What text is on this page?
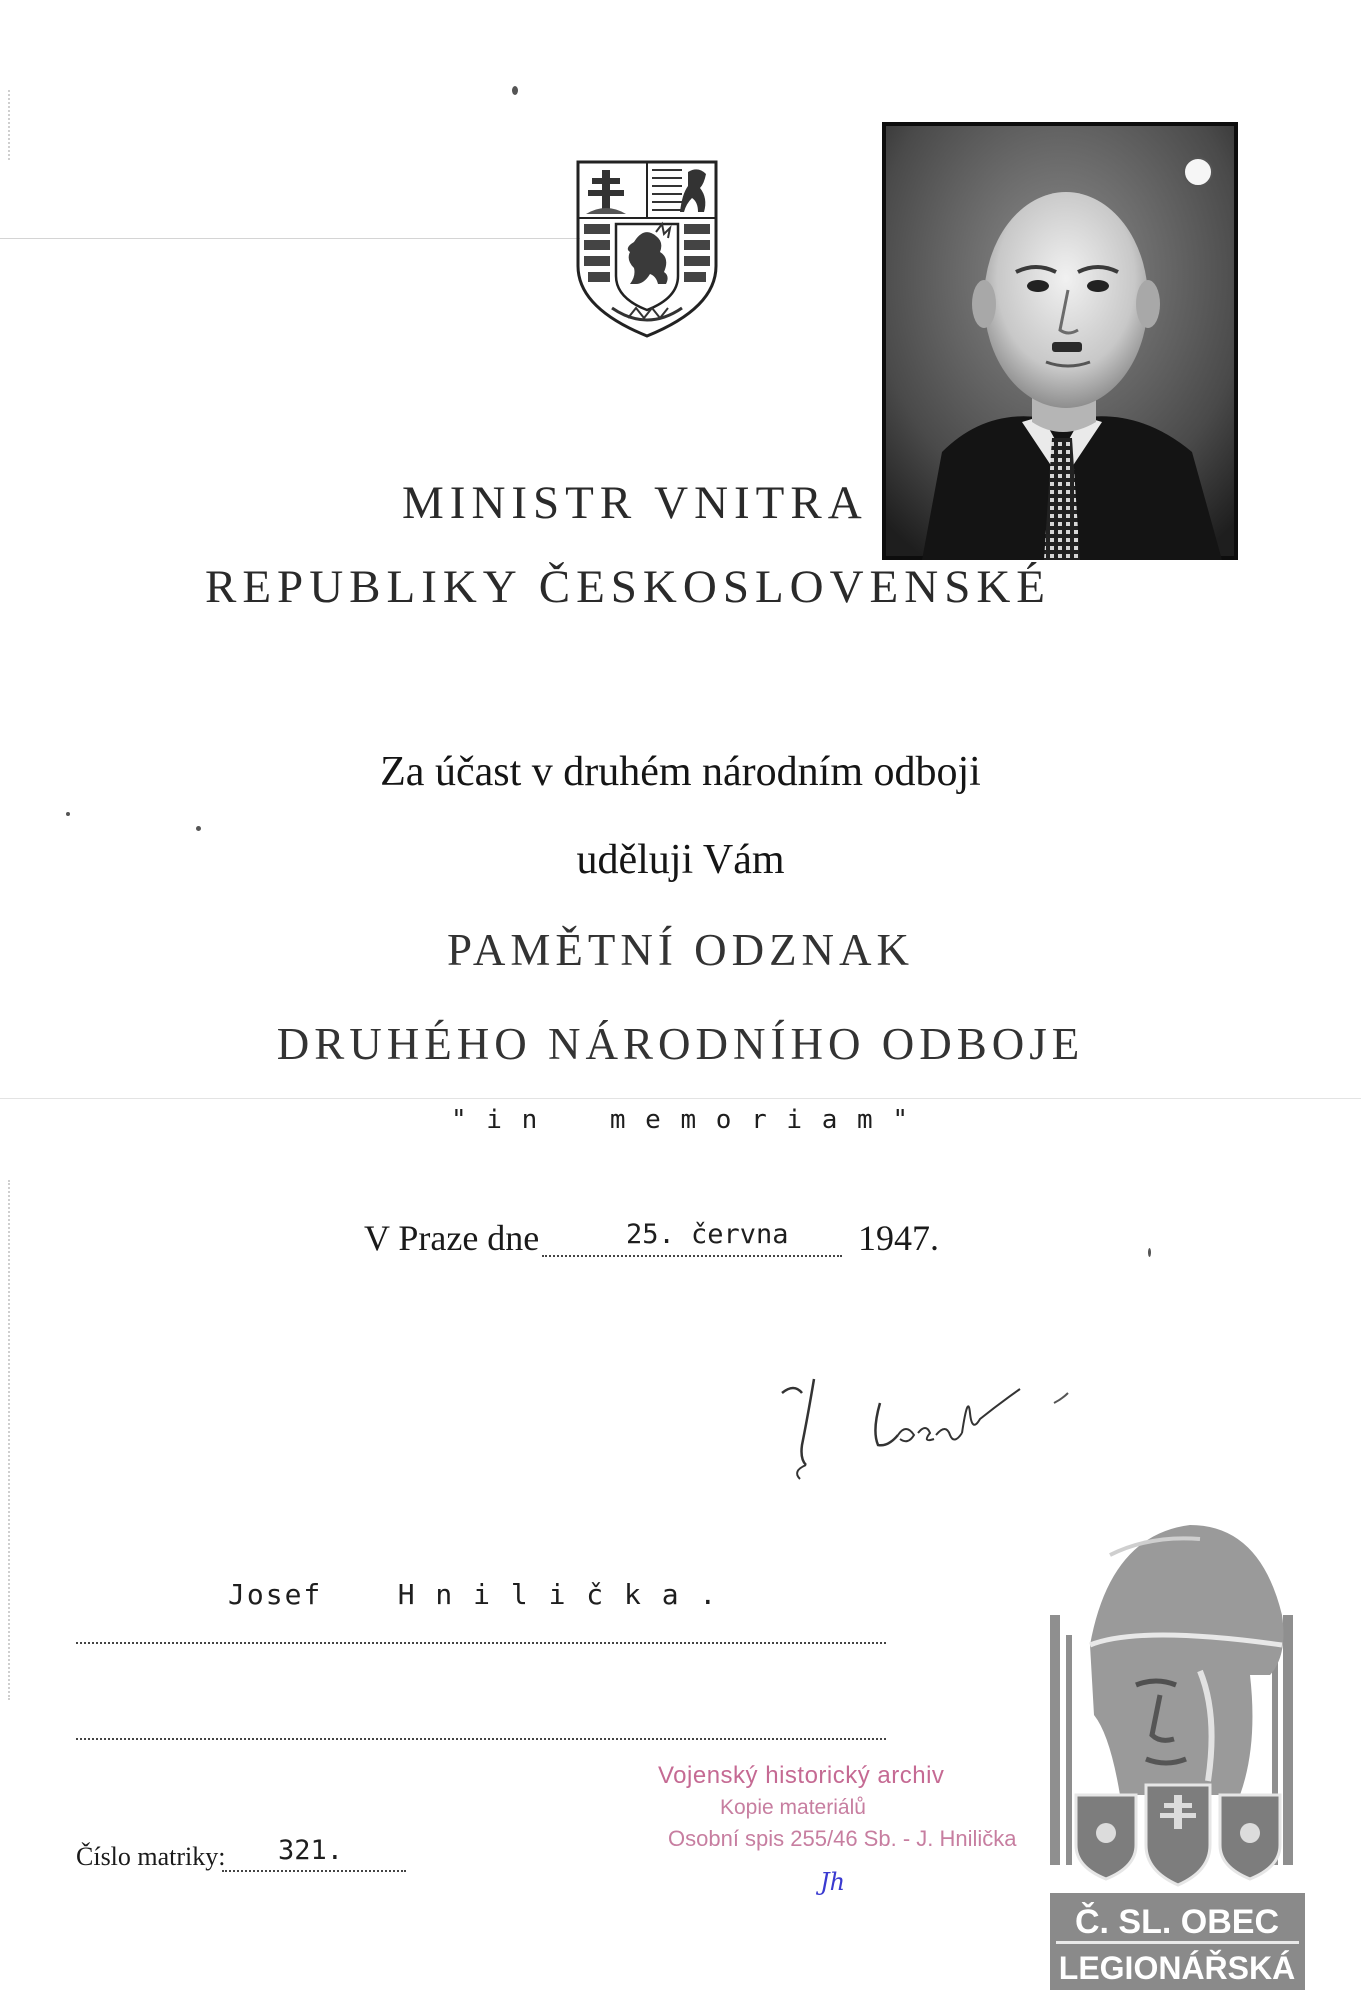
MINISTR VNITRA
REPUBLIKY ČESKOSLOVENSKÉ
Za účast v druhém národním odboji
uděluji Vám
PAMĚTNÍ ODZNAK
DRUHÉHO NÁRODNÍHO ODBOJE
" i n    m e m o r i a m "
V Praze dne	25. června 1947.
Josef    H n i l i č k a .
Číslo matriky: 321.
Vojenský historický archiv
Kopie materiálů
Osobní spis 255/46 Sb. - J. Hnilička
Jh
Č. SL. OBEC
LEGIONÁŘSKÁ
